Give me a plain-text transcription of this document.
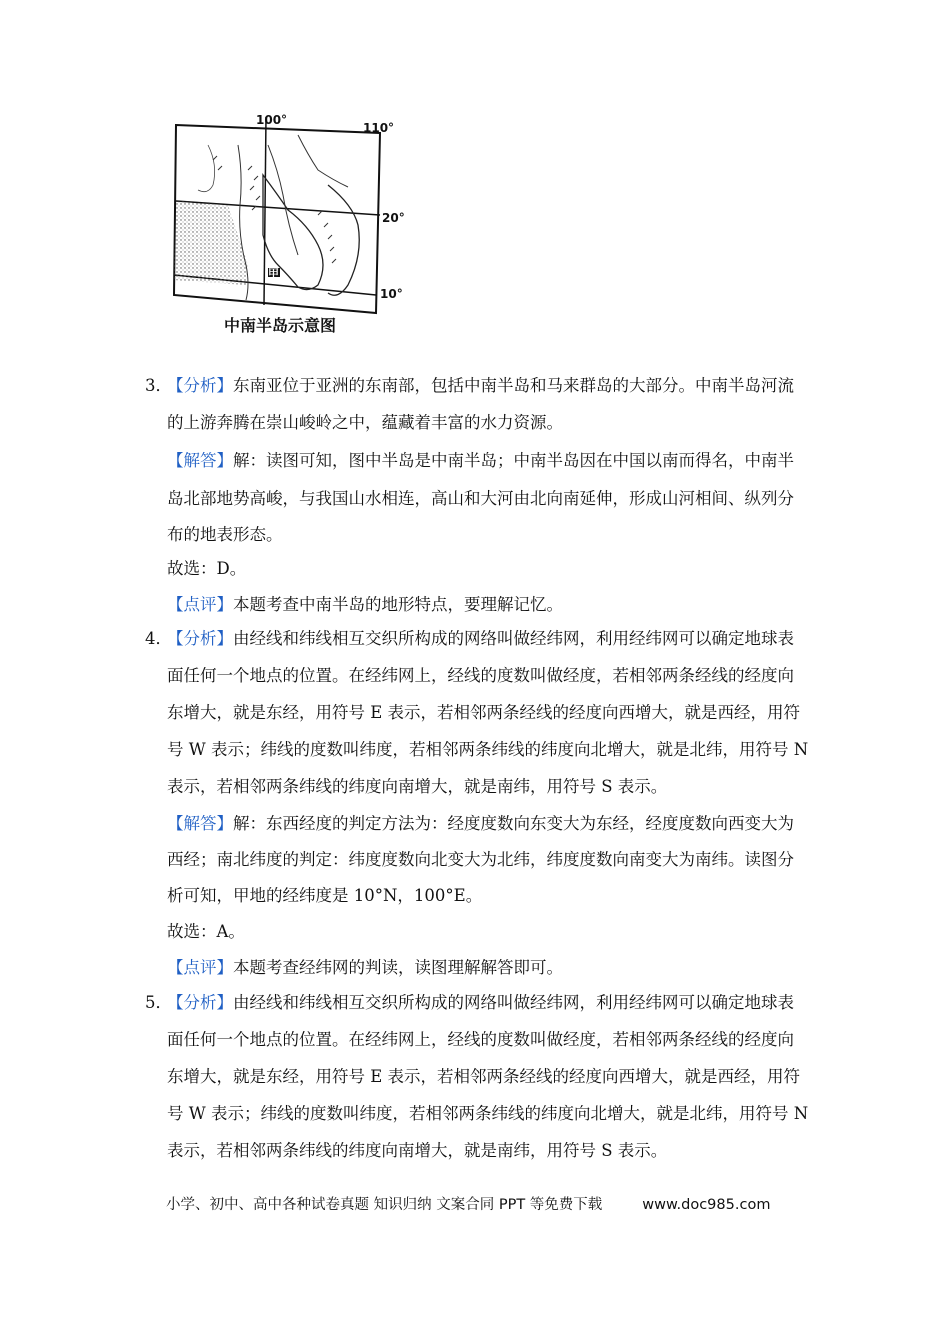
100°
110°
20°
10°
甲
中南半岛示意图
3．
【分析】东南亚位于亚洲的东南部，包括中南半岛和马来群岛的大部分。中南半岛河流
的上游奔腾在崇山峻岭之中，蕴藏着丰富的水力资源。
【解答】解：读图可知，图中半岛是中南半岛；中南半岛因在中国以南而得名，中南半
岛北部地势高峻，与我国山水相连，高山和大河由北向南延伸，形成山河相间、纵列分
布的地表形态。
故选：D。
【点评】本题考查中南半岛的地形特点，要理解记忆。
4．
【分析】由经线和纬线相互交织所构成的网络叫做经纬网，利用经纬网可以确定地球表
面任何一个地点的位置。在经纬网上，经线的度数叫做经度，若相邻两条经线的经度向
东增大，就是东经，用符号 E 表示，若相邻两条经线的经度向西增大，就是西经，用符
号 W 表示；纬线的度数叫纬度，若相邻两条纬线的纬度向北增大，就是北纬，用符号 N
表示，若相邻两条纬线的纬度向南增大，就是南纬，用符号 S 表示。
【解答】解：东西经度的判定方法为：经度度数向东变大为东经，经度度数向西变大为
西经；南北纬度的判定：纬度度数向北变大为北纬，纬度度数向南变大为南纬。读图分
析可知，甲地的经纬度是 10°N，100°E。
故选：A。
【点评】本题考查经纬网的判读，读图理解解答即可。
5．
【分析】由经线和纬线相互交织所构成的网络叫做经纬网，利用经纬网可以确定地球表
面任何一个地点的位置。在经纬网上，经线的度数叫做经度，若相邻两条经线的经度向
东增大，就是东经，用符号 E 表示，若相邻两条经线的经度向西增大，就是西经，用符
号 W 表示；纬线的度数叫纬度，若相邻两条纬线的纬度向北增大，就是北纬，用符号 N
表示，若相邻两条纬线的纬度向南增大，就是南纬，用符号 S 表示。
小学、初中、高中各种试卷真题 知识归纳 文案合同 PPT 等免费下载	www.doc985.com
